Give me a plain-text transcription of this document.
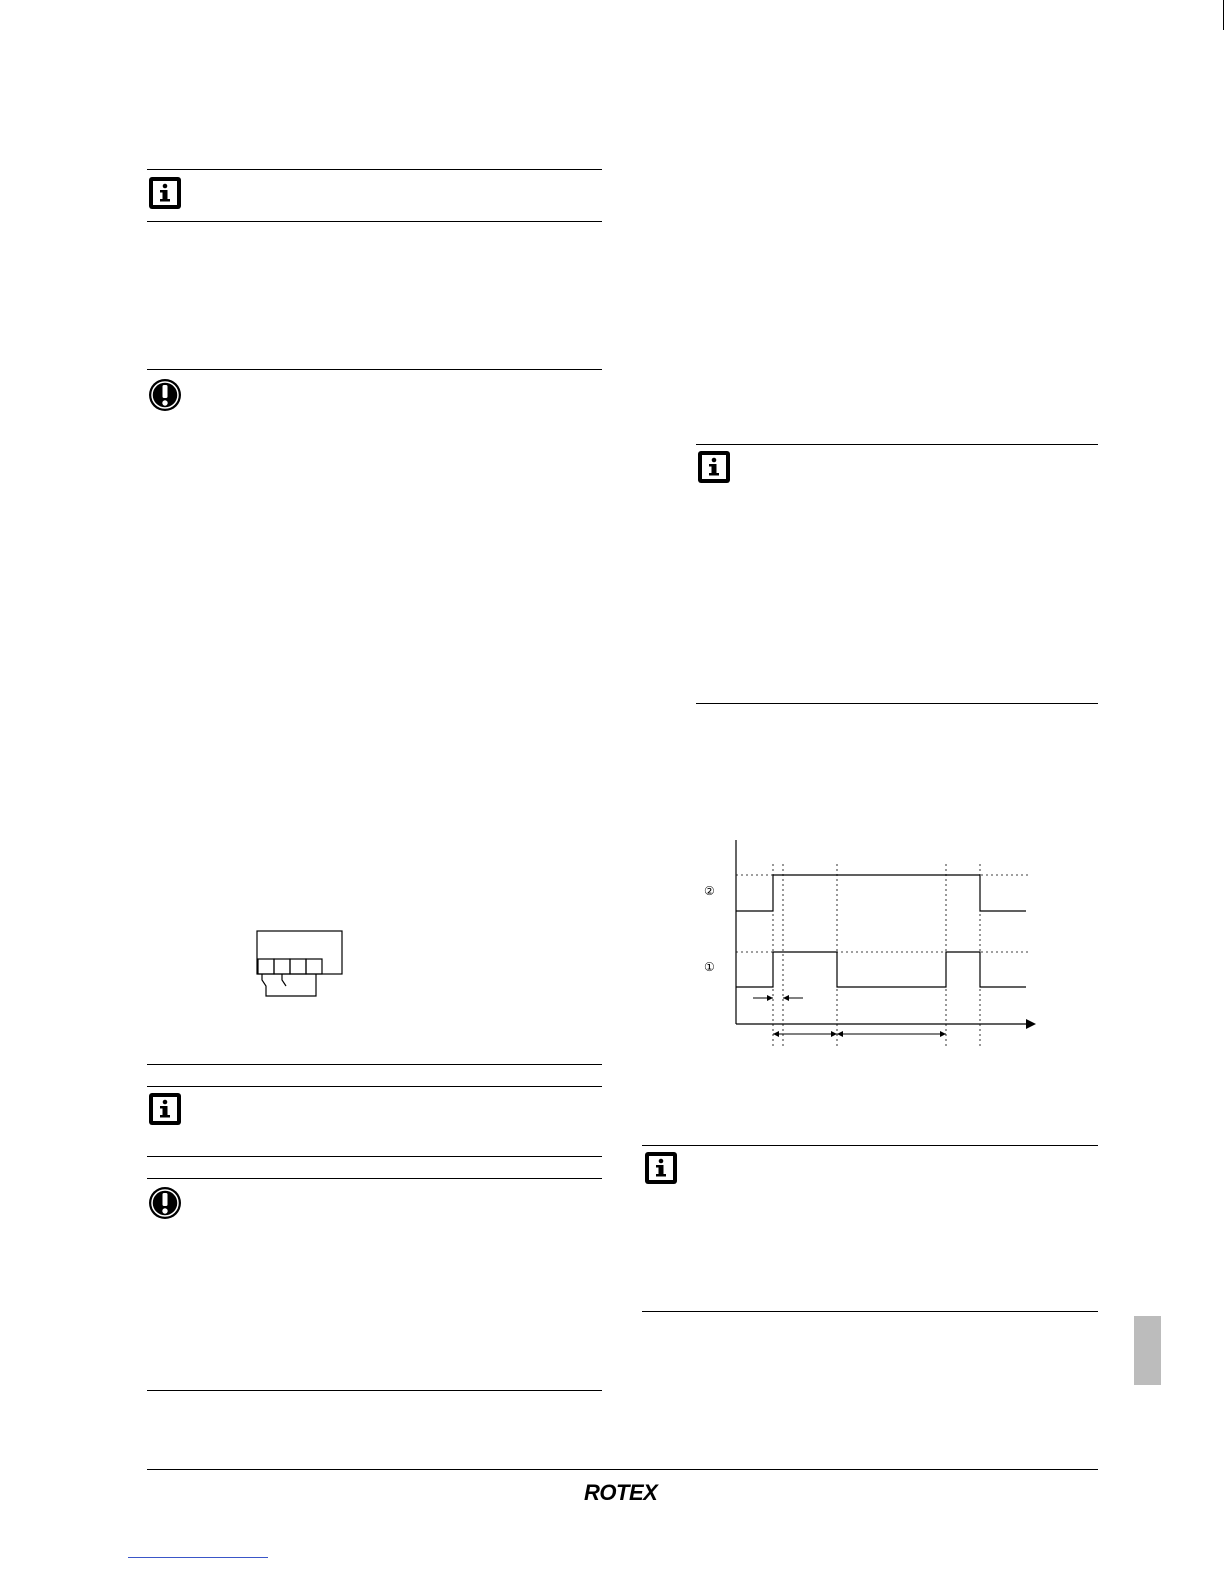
②
①
ROTEX
